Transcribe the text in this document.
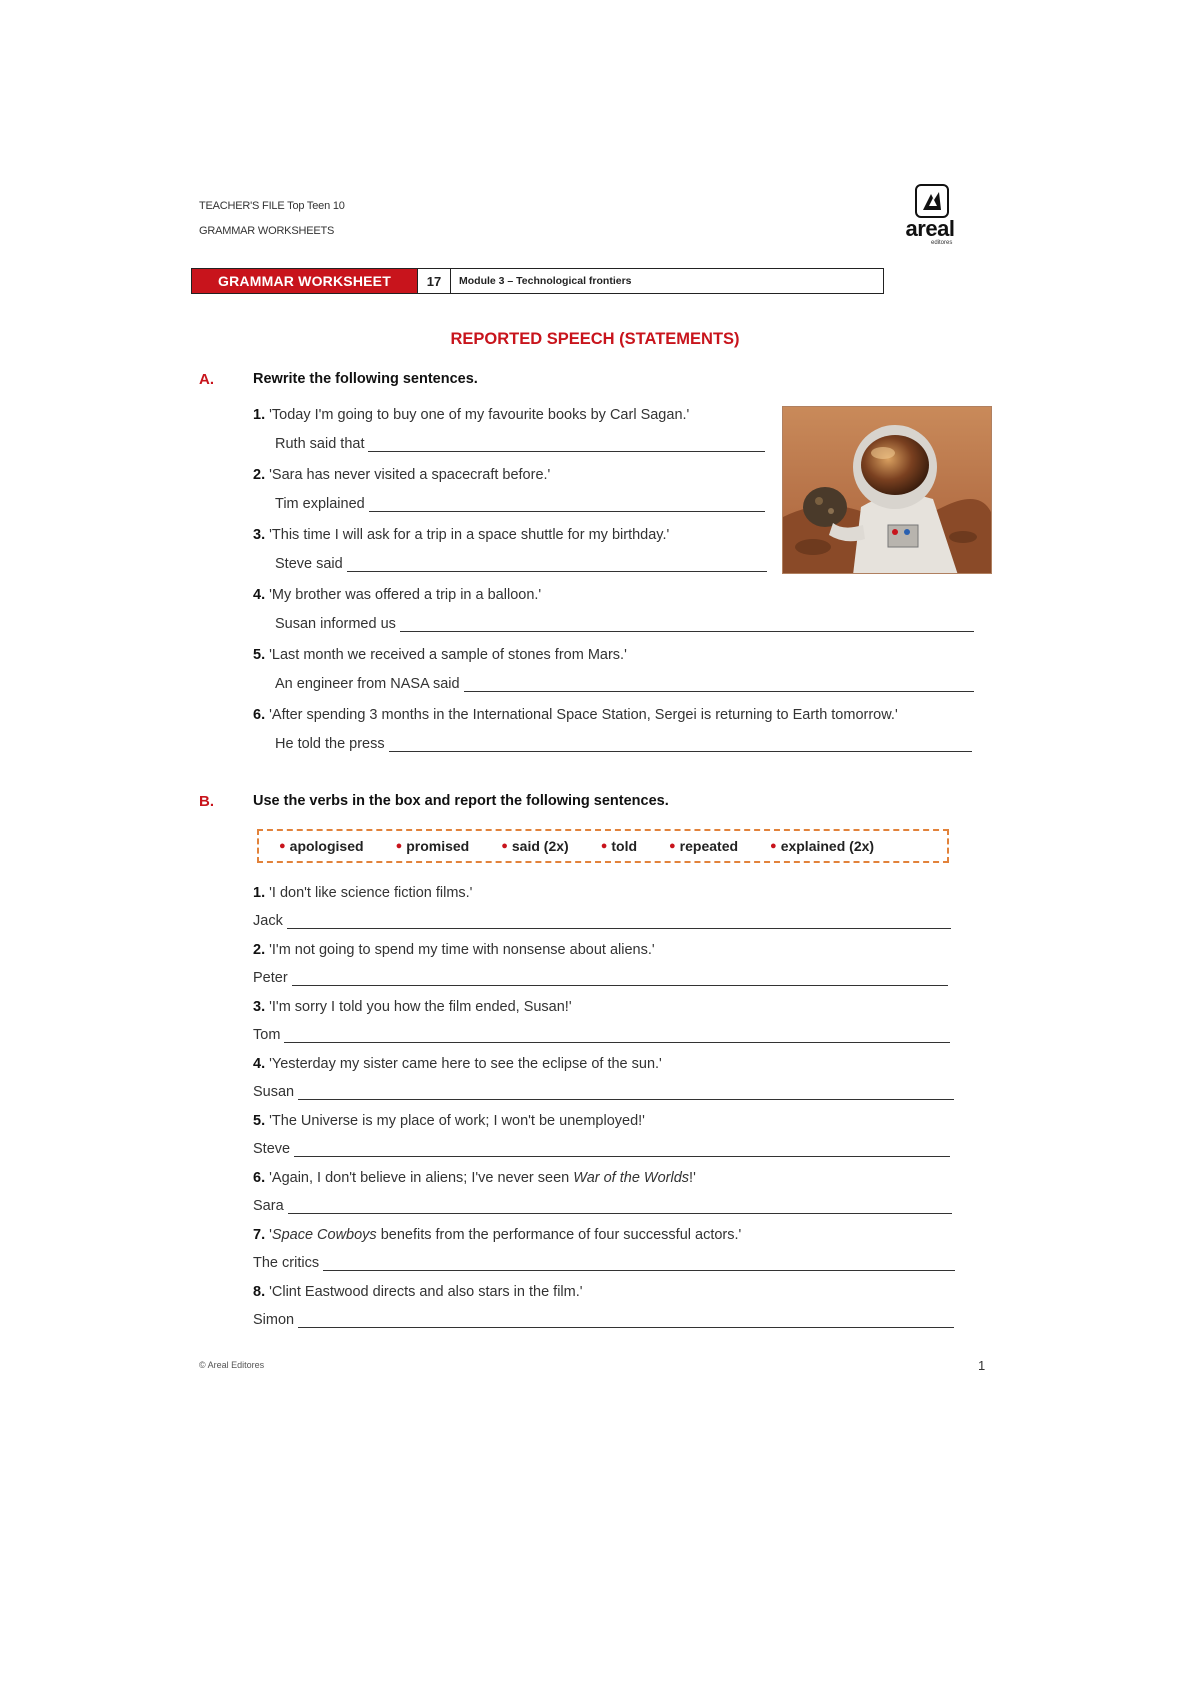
TEACHER'S FILE Top Teen 10
GRAMMAR WORKSHEETS	areal
editores
GRAMMAR WORKSHEET	17	Module 3 – Technological frontiers
REPORTED SPEECH (STATEMENTS)
A.	Rewrite the following sentences.
1. 'Today I'm going to buy one of my favourite books by Carl Sagan.'
Ruth said that
2. 'Sara has never visited a spacecraft before.'
Tim explained
3. 'This time I will ask for a trip in a space shuttle for my birthday.'
Steve said
4. 'My brother was offered a trip in a balloon.'
Susan informed us
5. 'Last month we received a sample of stones from Mars.'
An engineer from NASA said
6. 'After spending 3 months in the International Space Station, Sergei is returning to Earth tomorrow.'
He told the press
B.	Use the verbs in the box and report the following sentences.
● apologised	● promised	● said (2x)	● told	● repeated	● explained (2x)
1. 'I don't like science fiction films.'
Jack
2. 'I'm not going to spend my time with nonsense about aliens.'
Peter
3. 'I'm sorry I told you how the film ended, Susan!'
Tom
4. 'Yesterday my sister came here to see the eclipse of the sun.'
Susan
5. 'The Universe is my place of work; I won't be unemployed!'
Steve
6. 'Again, I don't believe in aliens; I've never seen War of the Worlds!'
Sara
7. 'Space Cowboys benefits from the performance of four successful actors.'
The critics
8. 'Clint Eastwood directs and also stars in the film.'
Simon
© Areal Editores	1
